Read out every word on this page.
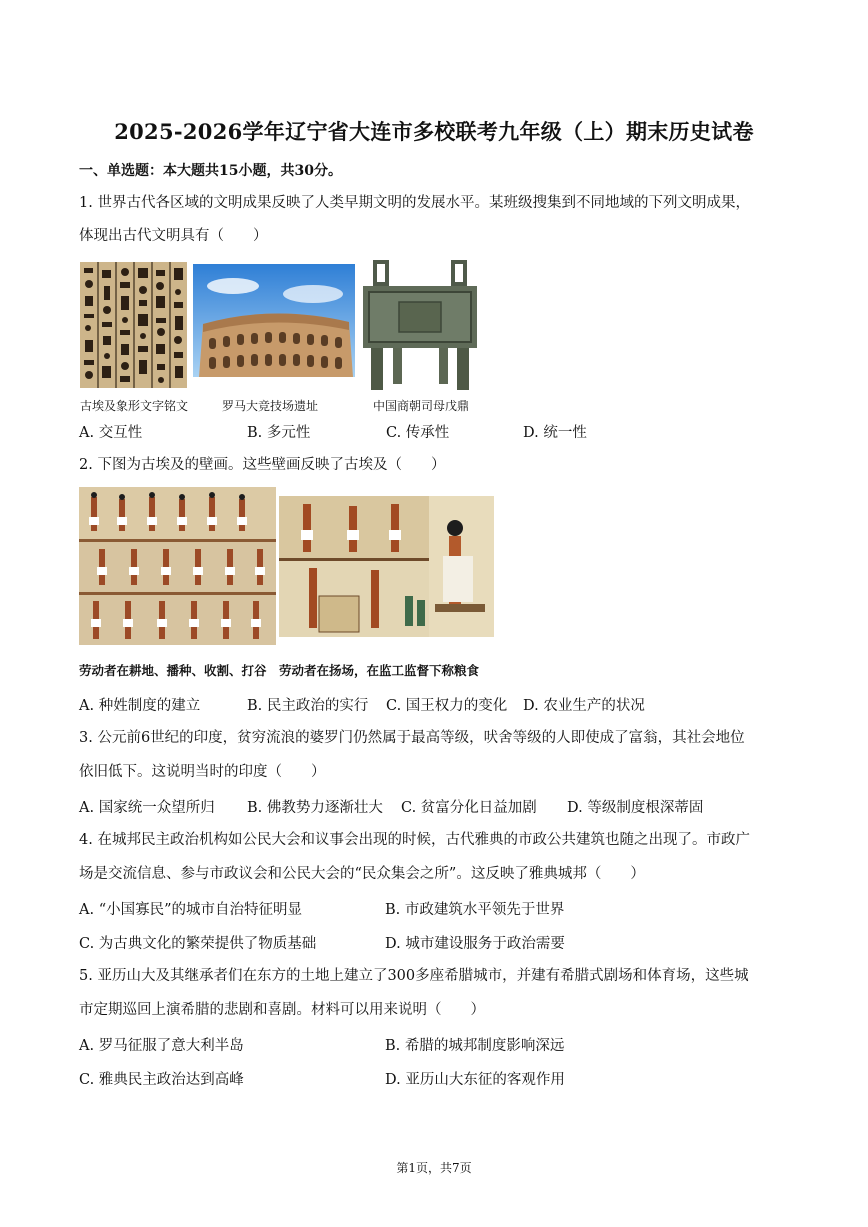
2025-2026学年辽宁省大连市多校联考九年级（上）期末历史试卷
一、单选题：本大题共15小题，共30分。
1. 世界古代各区域的文明成果反映了人类早期文明的发展水平。某班级搜集到不同地域的下列文明成果，
体现出古代文明具有（　　）
古埃及象形文字铭文	罗马大竞技场遗址	中国商朝司母戊鼎
A. 交互性	B. 多元性	C. 传承性	D. 统一性
2. 下图为古埃及的壁画。这些壁画反映了古埃及（　　）
劳动者在耕地、播种、收割、打谷　劳动者在扬场，在监工监督下称粮食
A. 种姓制度的建立	B. 民主政治的实行 C. 国王权力的变化 D. 农业生产的状况
3. 公元前6世纪的印度，贫穷流浪的婆罗门仍然属于最高等级，吠舍等级的人即使成了富翁，其社会地位
依旧低下。这说明当时的印度（　　）
A. 国家统一众望所归 B. 佛教势力逐渐壮大 C. 贫富分化日益加剧 D. 等级制度根深蒂固
4. 在城邦民主政治机构如公民大会和议事会出现的时候，古代雅典的市政公共建筑也随之出现了。市政广
场是交流信息、参与市政议会和公民大会的“民众集会之所”。这反映了雅典城邦（　　）
A. “小国寡民”的城市自治特征明显	B. 市政建筑水平领先于世界
C. 为古典文化的繁荣提供了物质基础	D. 城市建设服务于政治需要
5. 亚历山大及其继承者们在东方的土地上建立了300多座希腊城市，并建有希腊式剧场和体育场，这些城
市定期巡回上演希腊的悲剧和喜剧。材料可以用来说明（　　）
A. 罗马征服了意大利半岛	B. 希腊的城邦制度影响深远
C. 雅典民主政治达到高峰	D. 亚历山大东征的客观作用
第1页，共7页
